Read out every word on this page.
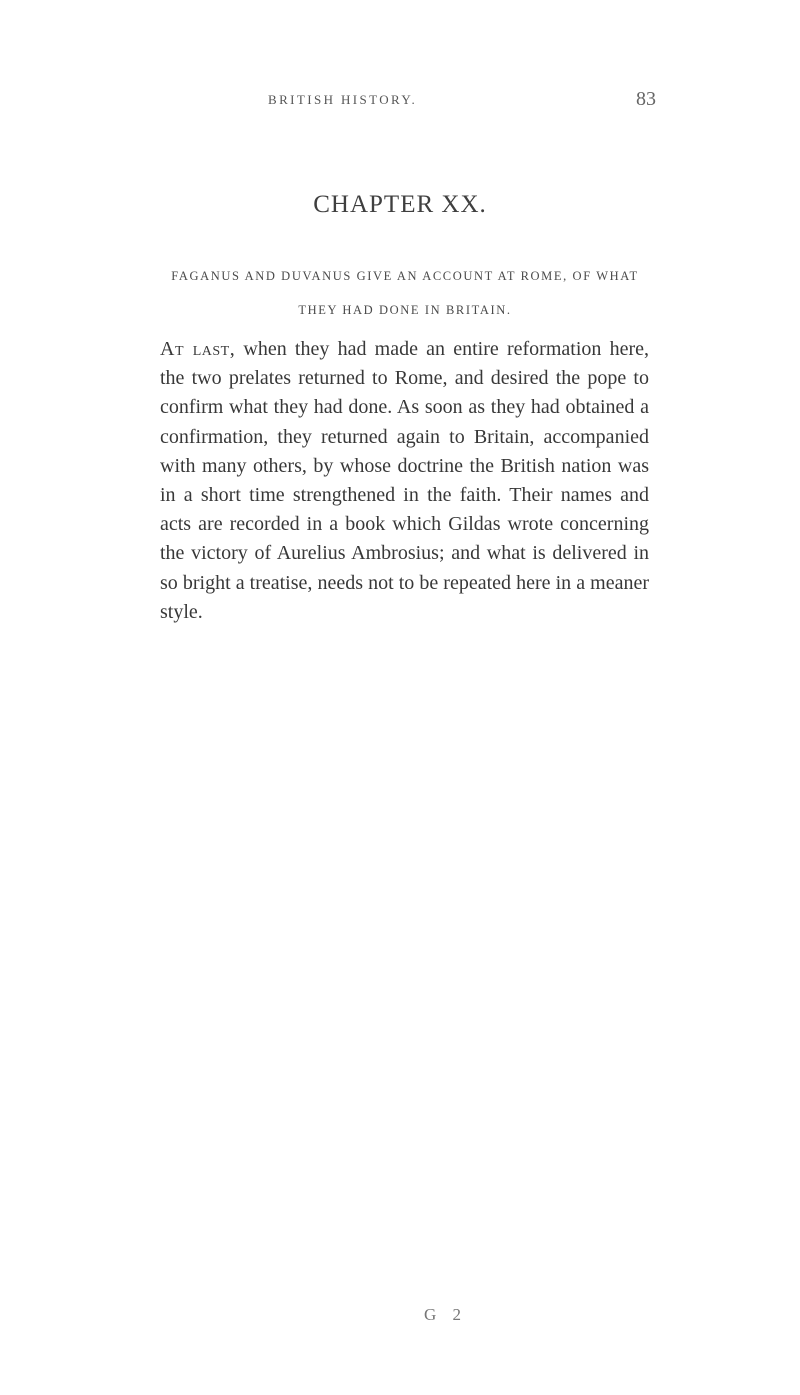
BRITISH HISTORY.	83
CHAPTER XX.
FAGANUS AND DUVANUS GIVE AN ACCOUNT AT ROME, OF WHAT THEY HAD DONE IN BRITAIN.

At last, when they had made an entire reformation here, the two prelates returned to Rome, and desired the pope to confirm what they had done. As soon as they had obtained a confirmation, they returned again to Britain, accompanied with many others, by whose doctrine the British nation was in a short time strengthened in the faith. Their names and acts are recorded in a book which Gildas wrote concerning the victory of Aurelius Ambrosius; and what is delivered in so bright a treatise, needs not to be repeated here in a meaner style.

G 2
